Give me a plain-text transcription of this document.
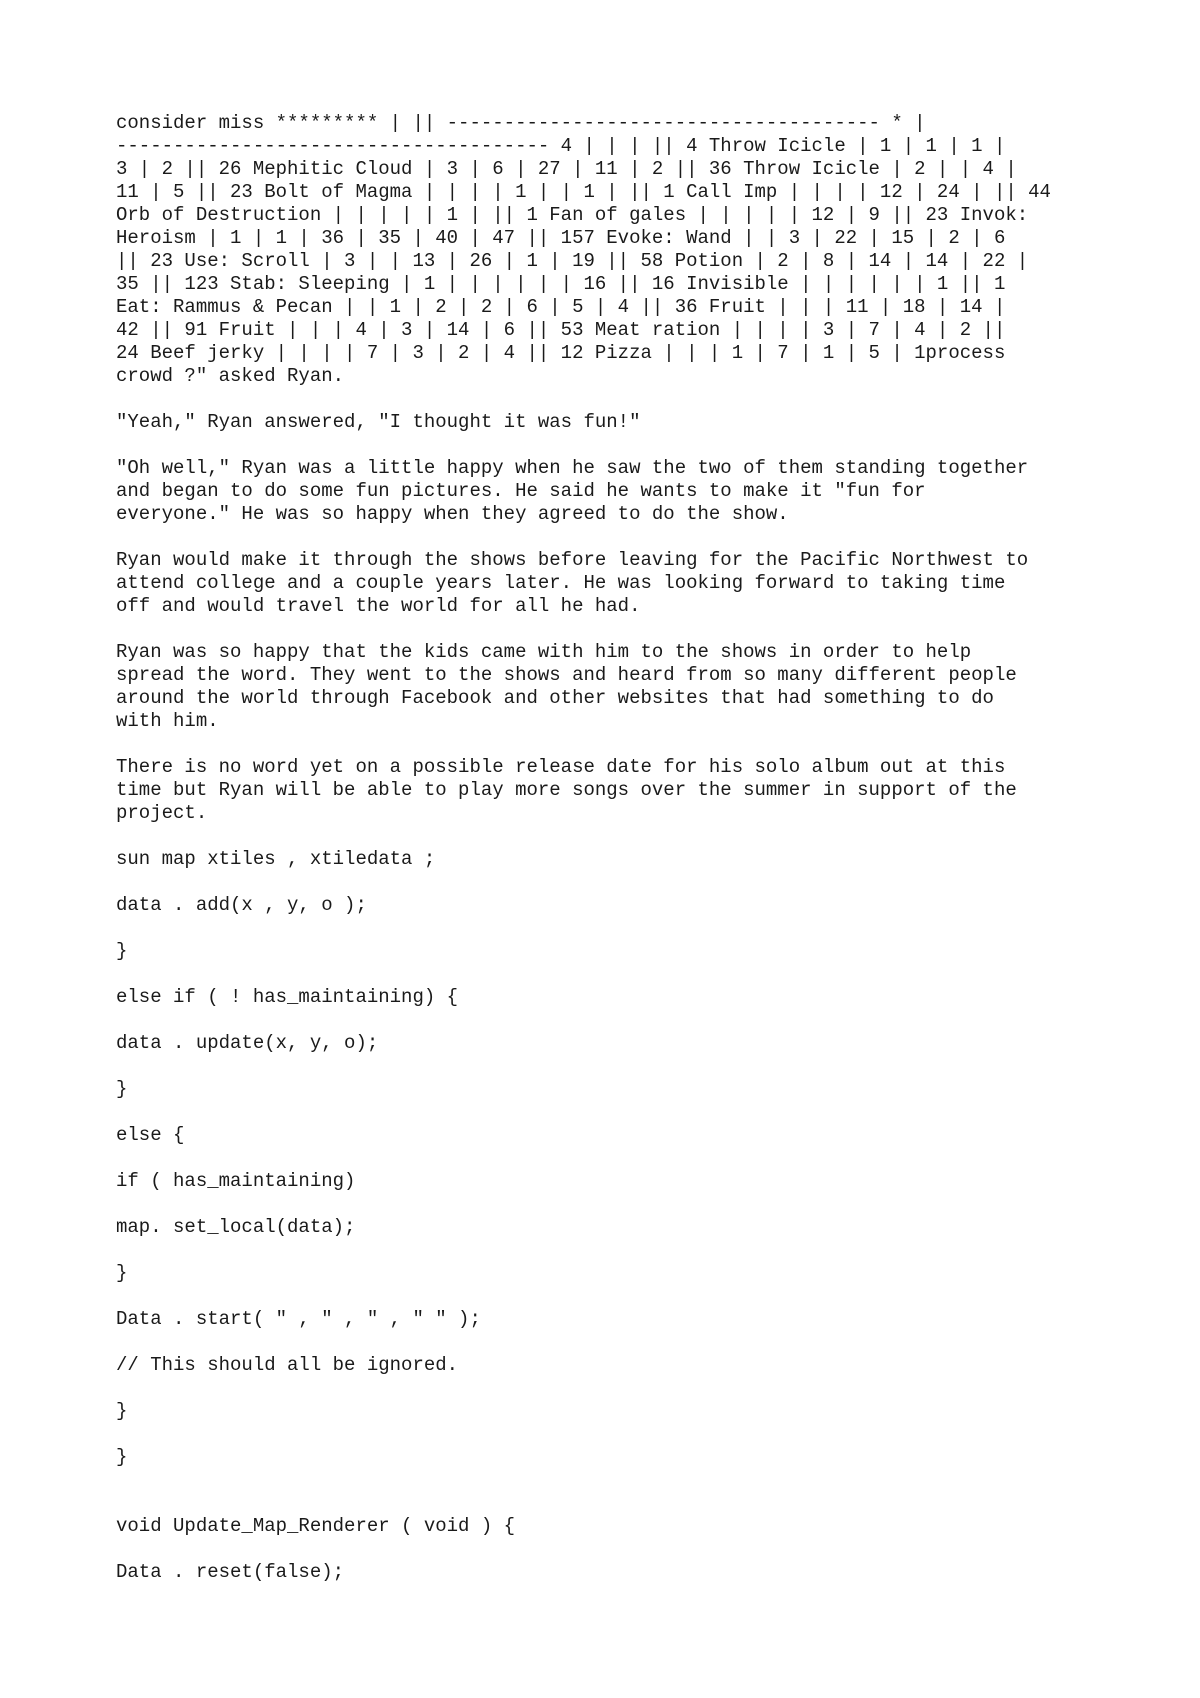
consider miss ********* | || -------------------------------------- * |
-------------------------------------- 4 | | | || 4 Throw Icicle | 1 | 1 | 1 |
3 | 2 || 26 Mephitic Cloud | 3 | 6 | 27 | 11 | 2 || 36 Throw Icicle | 2 | | 4 |
11 | 5 || 23 Bolt of Magma | | | | 1 | | 1 | || 1 Call Imp | | | | 12 | 24 | || 44
Orb of Destruction | | | | | 1 | || 1 Fan of gales | | | | | 12 | 9 || 23 Invok:
Heroism | 1 | 1 | 36 | 35 | 40 | 47 || 157 Evoke: Wand | | 3 | 22 | 15 | 2 | 6
|| 23 Use: Scroll | 3 | | 13 | 26 | 1 | 19 || 58 Potion | 2 | 8 | 14 | 14 | 22 |
35 || 123 Stab: Sleeping | 1 | | | | | | 16 || 16 Invisible | | | | | | 1 || 1
Eat: Rammus & Pecan | | 1 | 2 | 2 | 6 | 5 | 4 || 36 Fruit | | | 11 | 18 | 14 |
42 || 91 Fruit | | | 4 | 3 | 14 | 6 || 53 Meat ration | | | | 3 | 7 | 4 | 2 ||
24 Beef jerky | | | | 7 | 3 | 2 | 4 || 12 Pizza | | | 1 | 7 | 1 | 5 | 1process
crowd ?" asked Ryan.
"Yeah," Ryan answered, "I thought it was fun!"
"Oh well," Ryan was a little happy when he saw the two of them standing together
and began to do some fun pictures. He said he wants to make it "fun for
everyone." He was so happy when they agreed to do the show.
Ryan would make it through the shows before leaving for the Pacific Northwest to
attend college and a couple years later. He was looking forward to taking time
off and would travel the world for all he had.
Ryan was so happy that the kids came with him to the shows in order to help
spread the word. They went to the shows and heard from so many different people
around the world through Facebook and other websites that had something to do
with him.
There is no word yet on a possible release date for his solo album out at this
time but Ryan will be able to play more songs over the summer in support of the
project.
sun map xtiles , xtiledata ;
data . add(x , y, o );
}
else if ( ! has_maintaining) {
data . update(x, y, o);
}
else {
if ( has_maintaining)
map. set_local(data);
}
Data . start( " , " , " , " " );
// This should all be ignored.
}
}
void Update_Map_Renderer ( void ) {
Data . reset(false);
